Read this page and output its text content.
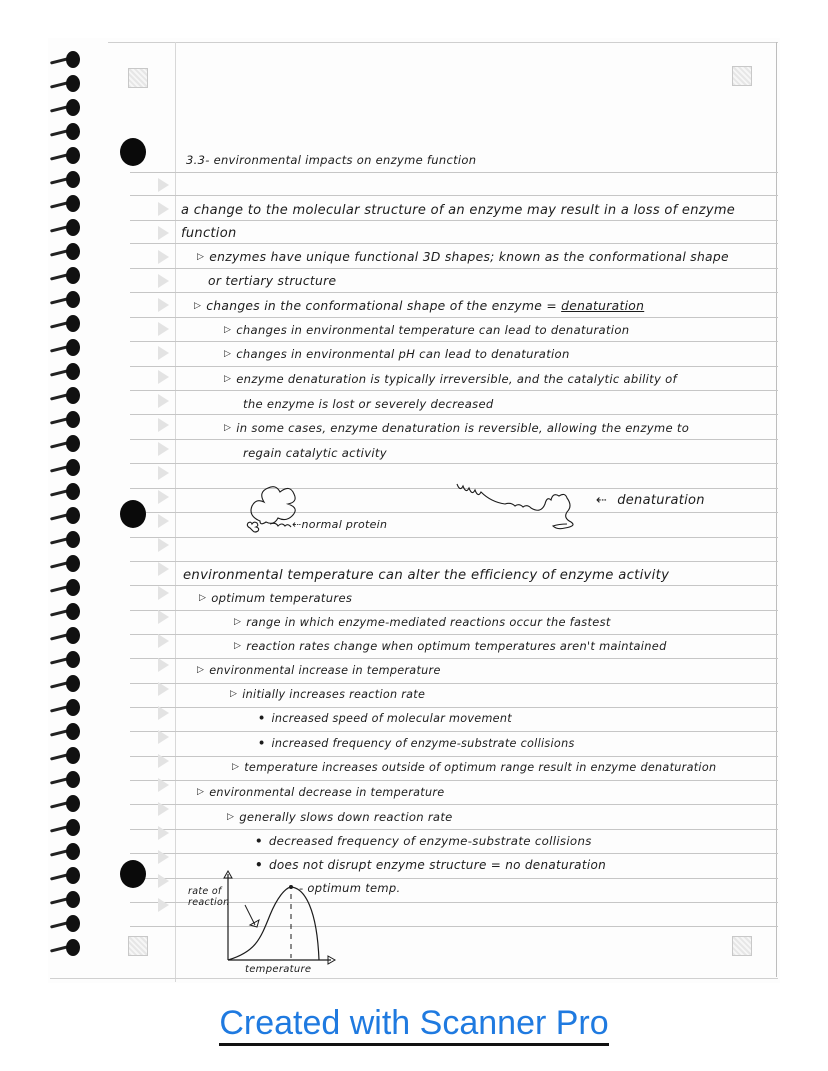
3.3- environmental impacts on enzyme function
a change to the molecular structure of an enzyme may result in a loss of enzyme
function
▷ enzymes have unique functional 3D shapes; known as the conformational shape
or tertiary structure
▷ changes in the conformational shape of the enzyme = denaturation
▷ changes in environmental temperature can lead to denaturation
▷ changes in environmental pH can lead to denaturation
▷ enzyme denaturation is typically irreversible, and the catalytic ability of
the enzyme is lost or severely decreased
▷ in some cases, enzyme denaturation is reversible, allowing the enzyme to
regain catalytic activity
⇠normal protein
⇠ denaturation
environmental temperature can alter the efficiency of enzyme activity
▷ optimum temperatures
▷ range in which enzyme-mediated reactions occur the fastest
▷ reaction rates change when optimum temperatures aren't maintained
▷ environmental increase in temperature
▷ initially increases reaction rate
• increased speed of molecular movement
• increased frequency of enzyme-substrate collisions
▷ temperature increases outside of optimum range result in enzyme denaturation
▷ environmental decrease in temperature
▷ generally slows down reaction rate
• decreased frequency of enzyme-substrate collisions
• does not disrupt enzyme structure = no denaturation
rate of
reaction
- optimum temp.
temperature
Created with Scanner Pro
